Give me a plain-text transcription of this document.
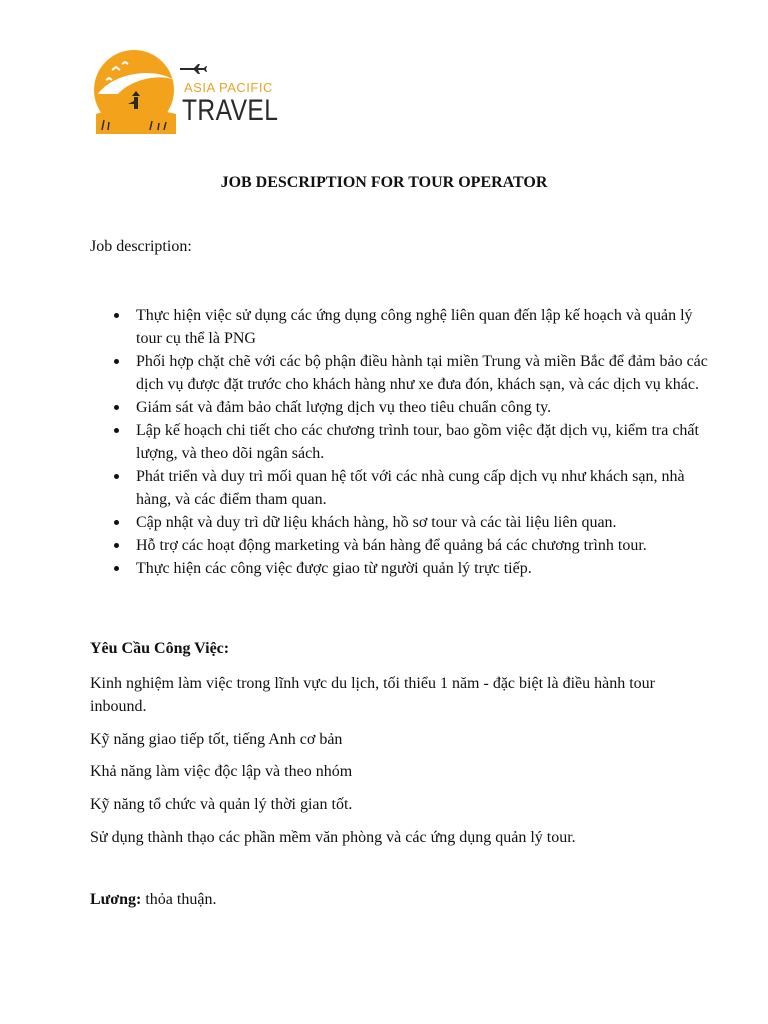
ASIA PACIFIC
TRAVEL
JOB DESCRIPTION FOR TOUR OPERATOR
Job description:
Thực hiện việc sử dụng các ứng dụng công nghệ liên quan đến lập kế hoạch và quản lý tour cụ thể là PNG
Phối hợp chặt chẽ với các bộ phận điều hành tại miền Trung và miền Bắc để đảm bảo các dịch vụ được đặt trước cho khách hàng như xe đưa đón, khách sạn, và các dịch vụ khác.
Giám sát và đảm bảo chất lượng dịch vụ theo tiêu chuẩn công ty.
Lập kế hoạch chi tiết cho các chương trình tour, bao gồm việc đặt dịch vụ, kiểm tra chất lượng, và theo dõi ngân sách.
Phát triển và duy trì mối quan hệ tốt với các nhà cung cấp dịch vụ như khách sạn, nhà hàng, và các điểm tham quan.
Cập nhật và duy trì dữ liệu khách hàng, hồ sơ tour và các tài liệu liên quan.
Hỗ trợ các hoạt động marketing và bán hàng để quảng bá các chương trình tour.
Thực hiện các công việc được giao từ người quản lý trực tiếp.
Yêu Cầu Công Việc:
Kinh nghiệm làm việc trong lĩnh vực du lịch, tối thiểu 1 năm - đặc biệt là điều hành tour inbound.
Kỹ năng giao tiếp tốt, tiếng Anh cơ bản
Khả năng làm việc độc lập và theo nhóm
Kỹ năng tổ chức và quản lý thời gian tốt.
Sử dụng thành thạo các phần mềm văn phòng và các ứng dụng quản lý tour.
Lương: thỏa thuận.
